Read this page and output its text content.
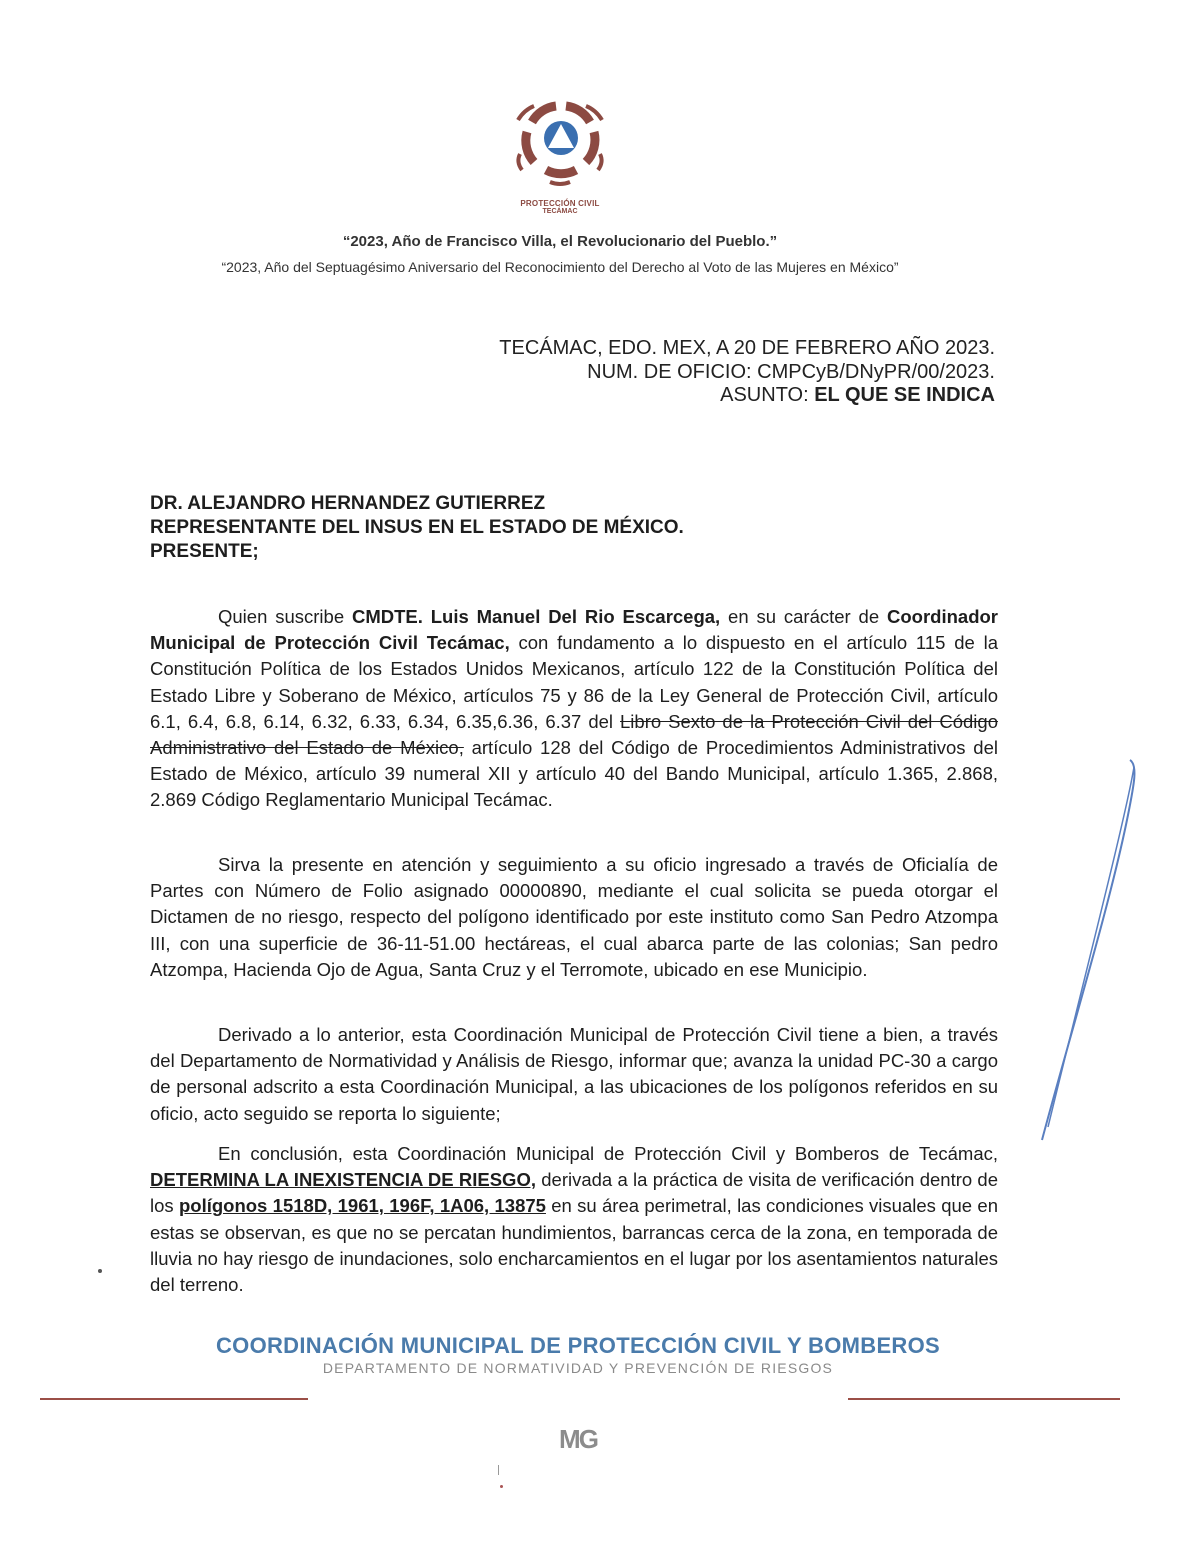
PROTECCIÓN CIVIL
TECÁMAC
“2023, Año de Francisco Villa, el Revolucionario del Pueblo.”
“2023, Año del Septuagésimo Aniversario del Reconocimiento del Derecho al Voto de las Mujeres en México”
TECÁMAC, EDO. MEX, A 20 DE FEBRERO AÑO 2023.
NUM. DE OFICIO: CMPCyB/DNyPR/00/2023.
ASUNTO: EL QUE SE INDICA
DR. ALEJANDRO HERNANDEZ GUTIERREZ
REPRESENTANTE DEL INSUS EN EL ESTADO DE MÉXICO.
PRESENTE;

Quien suscribe CMDTE. Luis Manuel Del Rio Escarcega, en su carácter de Coordinador Municipal de Protección Civil Tecámac, con fundamento a lo dispuesto en el artículo 115 de la Constitución Política de los Estados Unidos Mexicanos, artículo 122 de la Constitución Política del Estado Libre y Soberano de México, artículos 75 y 86 de la Ley General de Protección Civil, artículo 6.1, 6.4, 6.8, 6.14, 6.32, 6.33, 6.34, 6.35,6.36, 6.37 del Libro Sexto de la Protección Civil del Código Administrativo del Estado de México, artículo 128 del Código de Procedimientos Administrativos del Estado de México, artículo 39 numeral XII y artículo 40 del Bando Municipal, artículo 1.365, 2.868, 2.869 Código Reglamentario Municipal Tecámac.

Sirva la presente en atención y seguimiento a su oficio ingresado a través de Oficialía de Partes con Número de Folio asignado 00000890, mediante el cual solicita se pueda otorgar el Dictamen de no riesgo, respecto del polígono identificado por este instituto como San Pedro Atzompa III, con una superficie de 36-11-51.00 hectáreas, el cual abarca parte de las colonias; San pedro Atzompa, Hacienda Ojo de Agua, Santa Cruz y el Terromote, ubicado en ese Municipio.

Derivado a lo anterior, esta Coordinación Municipal de Protección Civil tiene a bien, a través del Departamento de Normatividad y Análisis de Riesgo, informar que; avanza la unidad PC-30 a cargo de personal adscrito a esta Coordinación Municipal, a las ubicaciones de los polígonos referidos en su oficio, acto seguido se reporta lo siguiente;

En conclusión, esta Coordinación Municipal de Protección Civil y Bomberos de Tecámac, DETERMINA LA INEXISTENCIA DE RIESGO, derivada a la práctica de visita de verificación dentro de los polígonos 1518D, 1961, 196F, 1A06, 13875 en su área perimetral, las condiciones visuales que en estas se observan, es que no se percatan hundimientos, barrancas cerca de la zona, en temporada de lluvia no hay riesgo de inundaciones, solo encharcamientos en el lugar por los asentamientos naturales del terreno.

COORDINACIÓN MUNICIPAL DE PROTECCIÓN CIVIL Y BOMBEROS
DEPARTAMENTO DE NORMATIVIDAD Y PREVENCIÓN DE RIESGOS
MG
